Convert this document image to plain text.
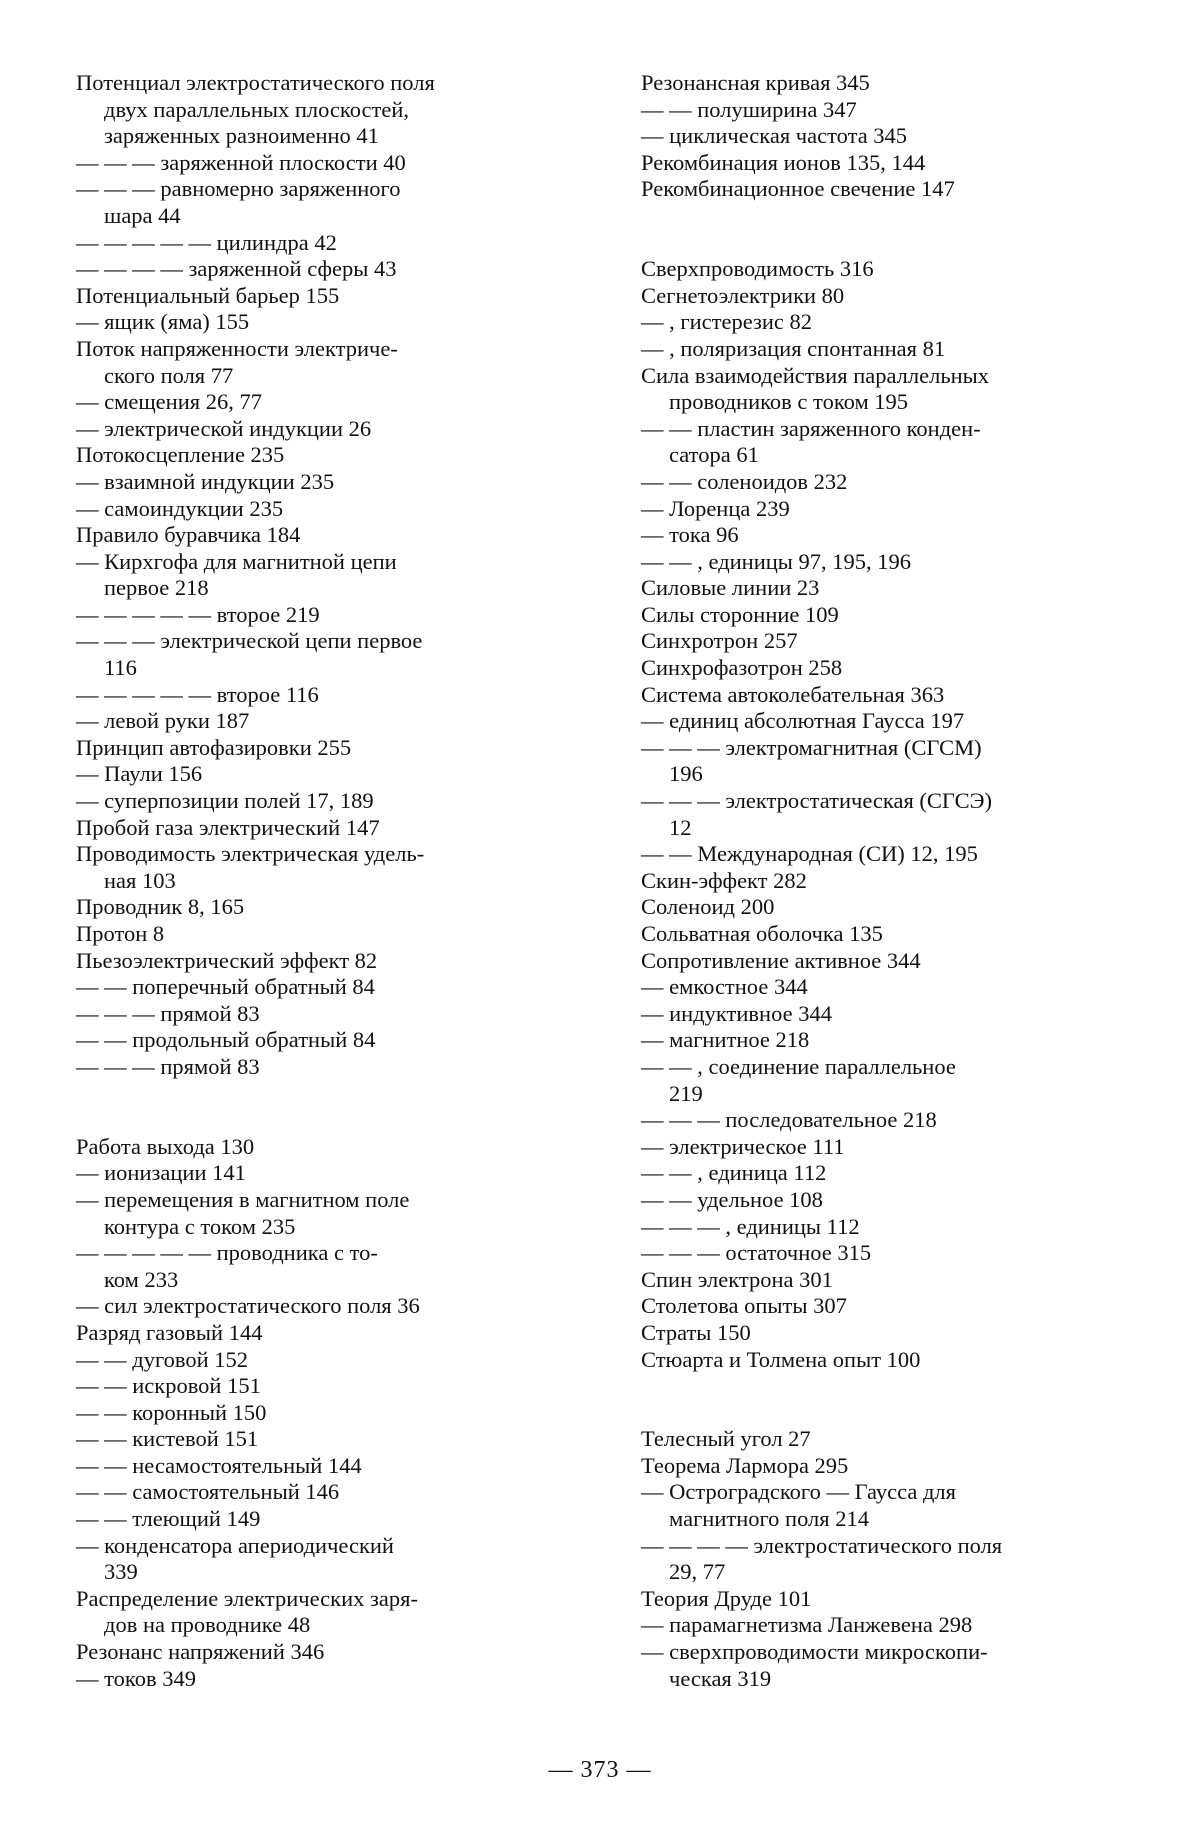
Потенциал электростатического поля
двух параллельных плоскостей,
заряженных разноименно 41
— — — заряженной плоскости 40
— — — равномерно заряженного
шара 44
— — — — — цилиндра 42
— — — — заряженной сферы 43
Потенциальный барьер 155
— ящик (яма) 155
Поток напряженности электриче-
ского поля 77
— смещения 26, 77
— электрической индукции 26
Потокосцепление 235
— взаимной индукции 235
— самоиндукции 235
Правило буравчика 184
— Кирхгофа для магнитной цепи
первое 218
— — — — — второе 219
— — — электрической цепи первое
116
— — — — — второе 116
— левой руки 187
Принцип автофазировки 255
— Паули 156
— суперпозиции полей 17, 189
Пробой газа электрический 147
Проводимость электрическая удель-
ная 103
Проводник 8, 165
Протон 8
Пьезоэлектрический эффект 82
— — поперечный обратный 84
— — — прямой 83
— — продольный обратный 84
— — — прямой 83
Работа выхода 130
— ионизации 141
— перемещения в магнитном поле
контура с током 235
— — — — — проводника с то-
ком 233
— сил электростатического поля 36
Разряд газовый 144
— — дуговой 152
— — искровой 151
— — коронный 150
— — кистевой 151
— — несамостоятельный 144
— — самостоятельный 146
— — тлеющий 149
— конденсатора апериодический
339
Распределение электрических заря-
дов на проводнике 48
Резонанс напряжений 346
— токов 349
Резонансная кривая 345
— — полуширина 347
— циклическая частота 345
Рекомбинация ионов 135, 144
Рекомбинационное свечение 147
Сверхпроводимость 316
Сегнетоэлектрики 80
— , гистерезис 82
— , поляризация спонтанная 81
Сила взаимодействия параллельных
проводников с током 195
— — пластин заряженного конден-
сатора 61
— — соленоидов 232
— Лоренца 239
— тока 96
— — , единицы 97, 195, 196
Силовые линии 23
Силы сторонние 109
Синхротрон 257
Синхрофазотрон 258
Система автоколебательная 363
— единиц абсолютная Гаусса 197
— — — электромагнитная (СГСМ)
196
— — — электростатическая (СГСЭ)
12
— — Международная (СИ) 12, 195
Скин-эффект 282
Соленоид 200
Сольватная оболочка 135
Сопротивление активное 344
— емкостное 344
— индуктивное 344
— магнитное 218
— — , соединение параллельное
219
— — — последовательное 218
— электрическое 111
— — , единица 112
— — удельное 108
— — — , единицы 112
— — — остаточное 315
Спин электрона 301
Столетова опыты 307
Страты 150
Стюарта и Толмена опыт 100
Телесный угол 27
Теорема Лармора 295
— Остроградского — Гаусса для
магнитного поля 214
— — — — электростатического поля
29, 77
Теория Друде 101
— парамагнетизма Ланжевена 298
— сверхпроводимости микроскопи-
ческая 319
— 373 —
